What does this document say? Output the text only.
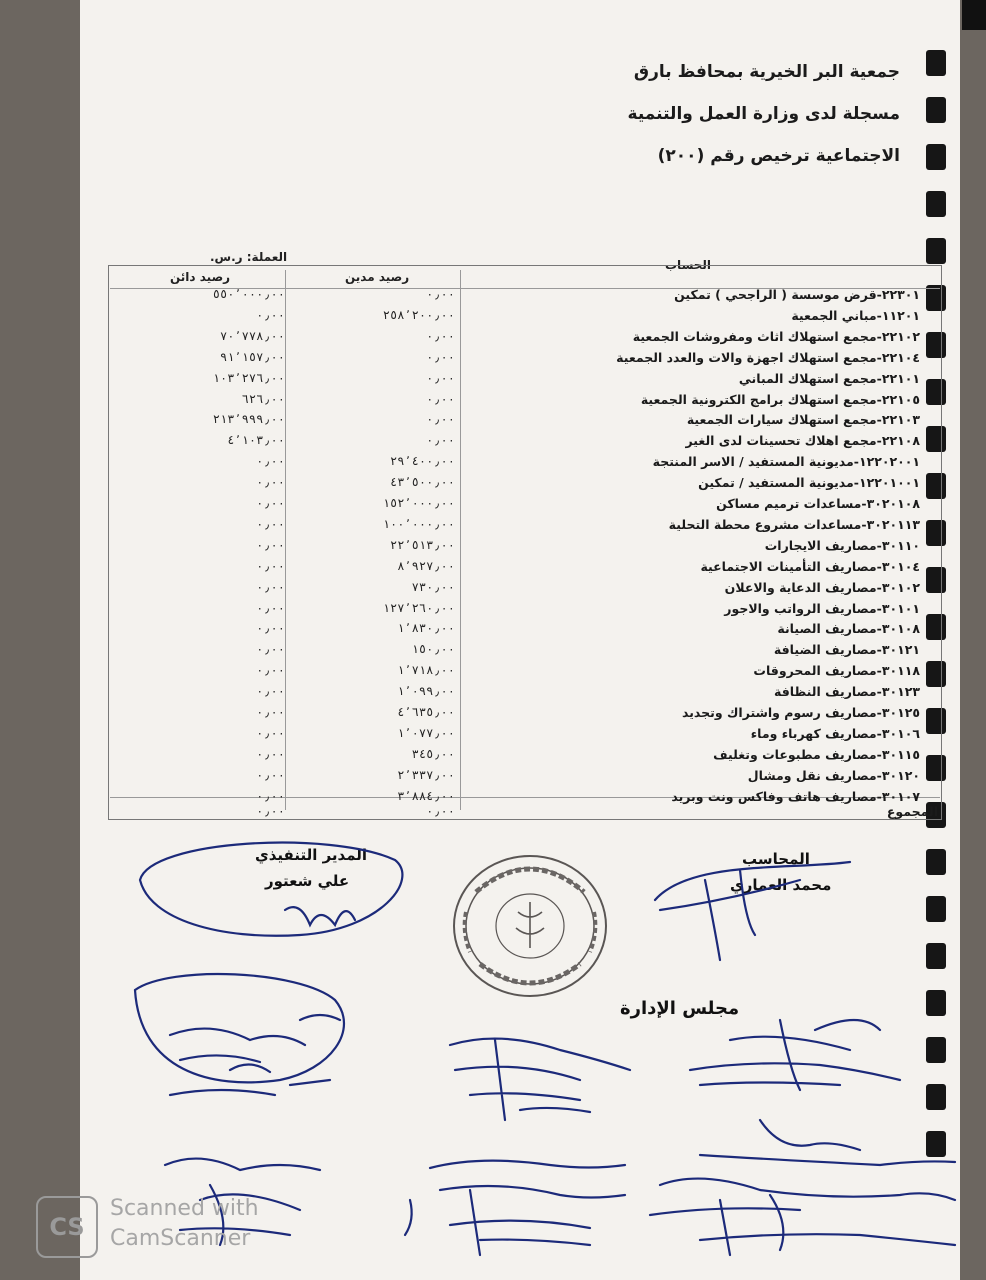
جمعية البر الخيرية بمحافظ بارق
مسجلة لدى وزارة العمل والتنمية
الاجتماعية ترخيص رقم (٢٠٠)
العملة: ر.س.
الحساب
رصيد مدين
رصيد دائن
٢٢٣٠١-قرض موسسة ( الراجحي ) تمكين
٠٫٠٠
٥٥٠٬٠٠٠٫٠٠
١١٢٠١-مباني الجمعية
٢٥٨٬٢٠٠٫٠٠
٠٫٠٠
٢٢١٠٢-مجمع استهلاك اثاث ومفروشات الجمعية
٠٫٠٠
٧٠٬٧٧٨٫٠٠
٢٢١٠٤-مجمع استهلاك اجهزة والات والعدد الجمعية
٠٫٠٠
٩١٬١٥٧٫٠٠
٢٢١٠١-مجمع استهلاك المباني
٠٫٠٠
١٠٣٬٢٧٦٫٠٠
٢٢١٠٥-مجمع استهلاك برامج الكترونية الجمعية
٠٫٠٠
٦٢٦٫٠٠
٢٢١٠٣-مجمع استهلاك سيارات الجمعية
٠٫٠٠
٢١٣٬٩٩٩٫٠٠
٢٢١٠٨-مجمع اهلاك تحسينات لدى الغير
٠٫٠٠
٤٬١٠٣٫٠٠
١٢٢٠٢٠٠١-مديونية المستفيد / الاسر المنتجة
٢٩٬٤٠٠٫٠٠
٠٫٠٠
١٢٢٠١٠٠١-مديونية المستفيد / تمكين
٤٣٬٥٠٠٫٠٠
٠٫٠٠
٣٠٢٠١٠٨-مساعدات ترميم مساكن
١٥٢٬٠٠٠٫٠٠
٠٫٠٠
٣٠٢٠١١٣-مساعدات مشروع محطة التحلية
١٠٠٬٠٠٠٫٠٠
٠٫٠٠
٣٠١١٠-مصاريف الايجارات
٢٢٬٥١٣٫٠٠
٠٫٠٠
٣٠١٠٤-مصاريف التأمينات الاجتماعية
٨٬٩٢٧٫٠٠
٠٫٠٠
٣٠١٠٢-مصاريف الدعاية والاعلان
٧٣٠٫٠٠
٠٫٠٠
٣٠١٠١-مصاريف الرواتب والاجور
١٢٧٬٢٦٠٫٠٠
٠٫٠٠
٣٠١٠٨-مصاريف الصيانة
١٬٨٣٠٫٠٠
٠٫٠٠
٣٠١٢١-مصاريف الضيافة
١٥٠٫٠٠
٠٫٠٠
٣٠١١٨-مصاريف المحروقات
١٬٧١٨٫٠٠
٠٫٠٠
٣٠١٢٣-مصاريف النظافة
١٬٠٩٩٫٠٠
٠٫٠٠
٣٠١٢٥-مصاريف رسوم واشتراك وتجديد
٤٬٦٣٥٫٠٠
٠٫٠٠
٣٠١٠٦-مصاريف كهرباء وماء
١٬٠٧٧٫٠٠
٠٫٠٠
٣٠١١٥-مصاريف مطبوعات وتغليف
٣٤٥٫٠٠
٠٫٠٠
٣٠١٢٠-مصاريف نقل ومشال
٢٬٣٣٧٫٠٠
٠٫٠٠
٣٠١٠٧-مصاريف هاتف وفاكس ونت وبريد
٣٬٨٨٤٫٠٠
٠٫٠٠
المجموع
٠٫٠٠
٠٫٠٠
المحاسب
محمد العماري
المدير التنفيذي
علي شعتور
مجلس الإدارة
CS
Scanned with
CamScanner
